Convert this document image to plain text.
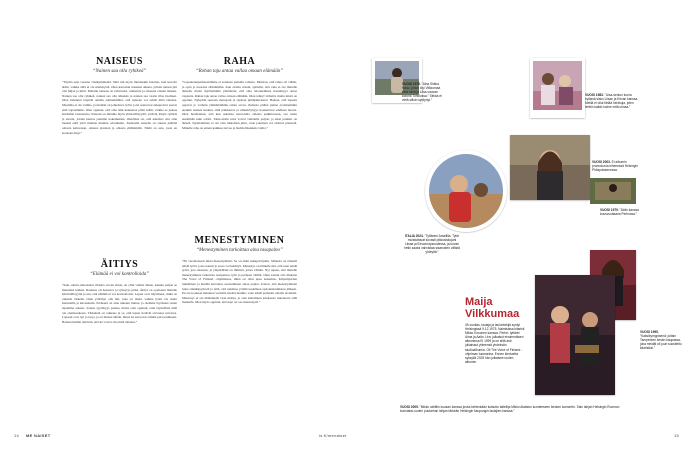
NAISEUS
“Nainen saa olla ryhikeä”
”Täytän ensi vuonna viisikymmentä. Siitä tuli myös muidenkin huomio, kun kerroin ikäni, vaikka sillä ei ole merkitystä. Olen kasvanut naiseksi aikana, jolloin naisen piti olla hiljaa ja kiltti. Minulle naiseus on vahvuutta, rohkeutta ja oikeutta omaan ääneen. Nainen saa olla ryhikeä, nainen saa olla äänekäs ja nainen saa vaatia tilaa itselleen. Olen halunnut näyttää omalla esimerkilläni, että naisena voi tehdä mitä tahansa. Maailma ei ole valmis, ja meidän on jatkettava työtä, jotta seuraavat sukupolvet saavat elää vapaammin. Olen oppinut, että oma ääni kannattaa pitää esillä, vaikka se joskus herättäisi vastustusta. Naiseus on minulle myös yhteisöllisyyttä: ystäviä, äitejä, tyttäriä ja sisaria, joiden kanssa jaamme kokemuksia. Oleellista on, että uskaltaa olla oma itsensä eikä yritä mahtua muiden odotuksiin. Jokaisella naisella on oikeus päättää omasta kehostaan, omasta ajastaan ja omasta elämästään. Tämä on asia, josta en koskaan tingi.”
ÄITIYS
“Elämää ei voi kontrolloida”
”Kun odotin esikoistani viidetta vuotta sitten, en ollut valmis siihen, kuinka paljon se muuttaisi kaiken. Raskaus oli haastava ja synnytys pitkä. Äitiys on opettanut minulle kärsivällisyyttä ja sen, että elämää ei voi kontrolloida. Lapset ovat näyttäneet, mikä on oikeasti tärkeää. Olen yrittänyt olla äiti, joka on läsnä, vaikka työni vie usein kiertueille ja kuvauksiin. Perheeni on aina tukenut minua, ja olemme löytäneet oman tapamme arkeen. Joskus syyllisyys painaa, mutta olen oppinut, ettei täydellistä äitiä ole olemassakaan. Tärkeintä on rakkaus ja se, että lapset tietävät olevansa turvassa. Lapseni ovat nyt jo isoja, ja on ihanaa nähdä, miten he kasvavat omiksi persoonikseen. Haluan heidän tietävän, että he voivat olla mitä tahansa.”
RAHA
“Rohan taju antaa vallaa omaan elämään”
”Lapsuudenperheessämme ei koskaan puhuttu rahasta. Muistan, että rahaa oli vähän, ja opin jo nuorena säästämään. Kun aloitin uraani, ajattelin, että raha ei ole minulle tärkeää, mutta myöhemmin ymmärsin, että oma taloudellinen itsenäisyys antaa vapautta. Rahan taju antaa valtaa omaan elämään. Olen tehnyt virheitä, mutta niistä on oppinut. Nykyään seuraan menojani ja sijoitan pitkäjänteisesti. Haluan, että lapseni oppivat jo varhain ymmärtämään rahan arvon. Rahasta pitäisi puhua avoimemmin etenkin naisten kesken, sillä palkkaerot ja eläkeköyhyys koskettavat edelleen monia. Olen huomannut, että kun uskaltaa neuvotella omasta palkkiostaan, saa usein enemmän kuin odotti. Taide-alalla tulot voivat vaihdella paljon, ja siksi puskuri on tärkeä. Sijoittaminen ei ole vain rikkaiden juttu, vaan jokainen voi aloittaa pienestä. Minulle raha on ennen kaikkea turvaa ja mahdollisuuksia valita.”
MENESTYMINEN
“Menestyminen tarkoittaa aina tasapaino”
”En varsinaisesti mieti menestymistä. Se on ehkä sukupolvijuttu. Minusta on tärkeää tehdä työtä, josta nauttii ja jossa voi kehittyä. Menestys on minulle sitä, että saan tehdä työtä, jota rakastan, ja ympärilläni on ihmisiä, joista välitän. Nyt tajuan, että minulle menestyminen tarkoittaa tasapainoa työn ja perheen välillä. Olen saanut olla mukana The Voice of Finland -ohjelmassa, mikä on ollut upea kokemus. Kilpailijoiden tukeminen ja heidän kasvunsa seuraaminen antaa paljon. Uskon, että menestyminen tulee sinnikkyydestä ja siitä, että uskaltaa yrittää uudelleen epäonnistumisten jälkeen. En ole koskaan halunnut vertailla itseäni muihin, vaan tehdä parhaani omalla tavallani. Menestys ei ole määränpää vaan matka, ja olen kiitollinen jokaisesta askeleesta sillä matkalla. Olen myös oppinut, että lepo on osa menestystä.”
VUOSI 1978. ”Aina Sirkka Hasu, johon löyi Vilkkumaa eikä minä ja Liisa-vauvan kotona Toholossa.” Sirkka ei vielä silloin syntynyt.”
VUOSI 1983. ”Liisa-serkun luona kylässä sisko Liisan ja Eevan kanssa. Meillä ei ollut tietää herkkuja, joten tehtiin kaikki kolme mitä uimaa.”
VUOSI 2003. Ei albumin promokuvia eihenessä Helsingin Philapolssenessa.
VUOSI 1979. ”Äidin kanssa kuusvuotiaana Perhossa.”
ITALIA 2024. ”Tyttäreni Amallilla, Tytöt muistuttavat kovasti pikkusiskojani Liisaa ja Eevaa lapsuudessa, ja kuvan hetki saatoi vahvistaa sisarusten välistä yhteyttä.”
VUOSI 1995. ”Kaksikymppisenä: joitain Tampereen kesän kaupassa, joka meidät oli juuri suositeltu kitarisiksi.”
Maija
Vilkkumaa
49-vuotias, laulaja ja lauluntekijä syntyi Helsingissä 9.12.1975. Naimisissa kitaristi Mikko Kosonen kanssa. Perhe: tyttäret Alma ja Aalto. Ura: julkaisut ensimmäisen albuminsa Ei 1999 ja on siitä asti julkaissut yhteensä yhdeksän studioalbumia. Oli The Voice of Finland -ohjelman tuomarina. Ennen kiertuetta syksyllä 2025 hän julkaisee uuden albumin.
VUOSI 2005. ”Mikko valittiin kuvaan kanssa jonka kehenkään kutsuttu taiteilija Mikko Alatalon luonteeseen kesken konsertin. Sain lahjan Helsingin Roomon kunniaksi uuden puutarhan lahjan tärkeän Helsingin kaupungin laulajien kanssa.”
14 ME NAISET	is.fi/menaiset	15
